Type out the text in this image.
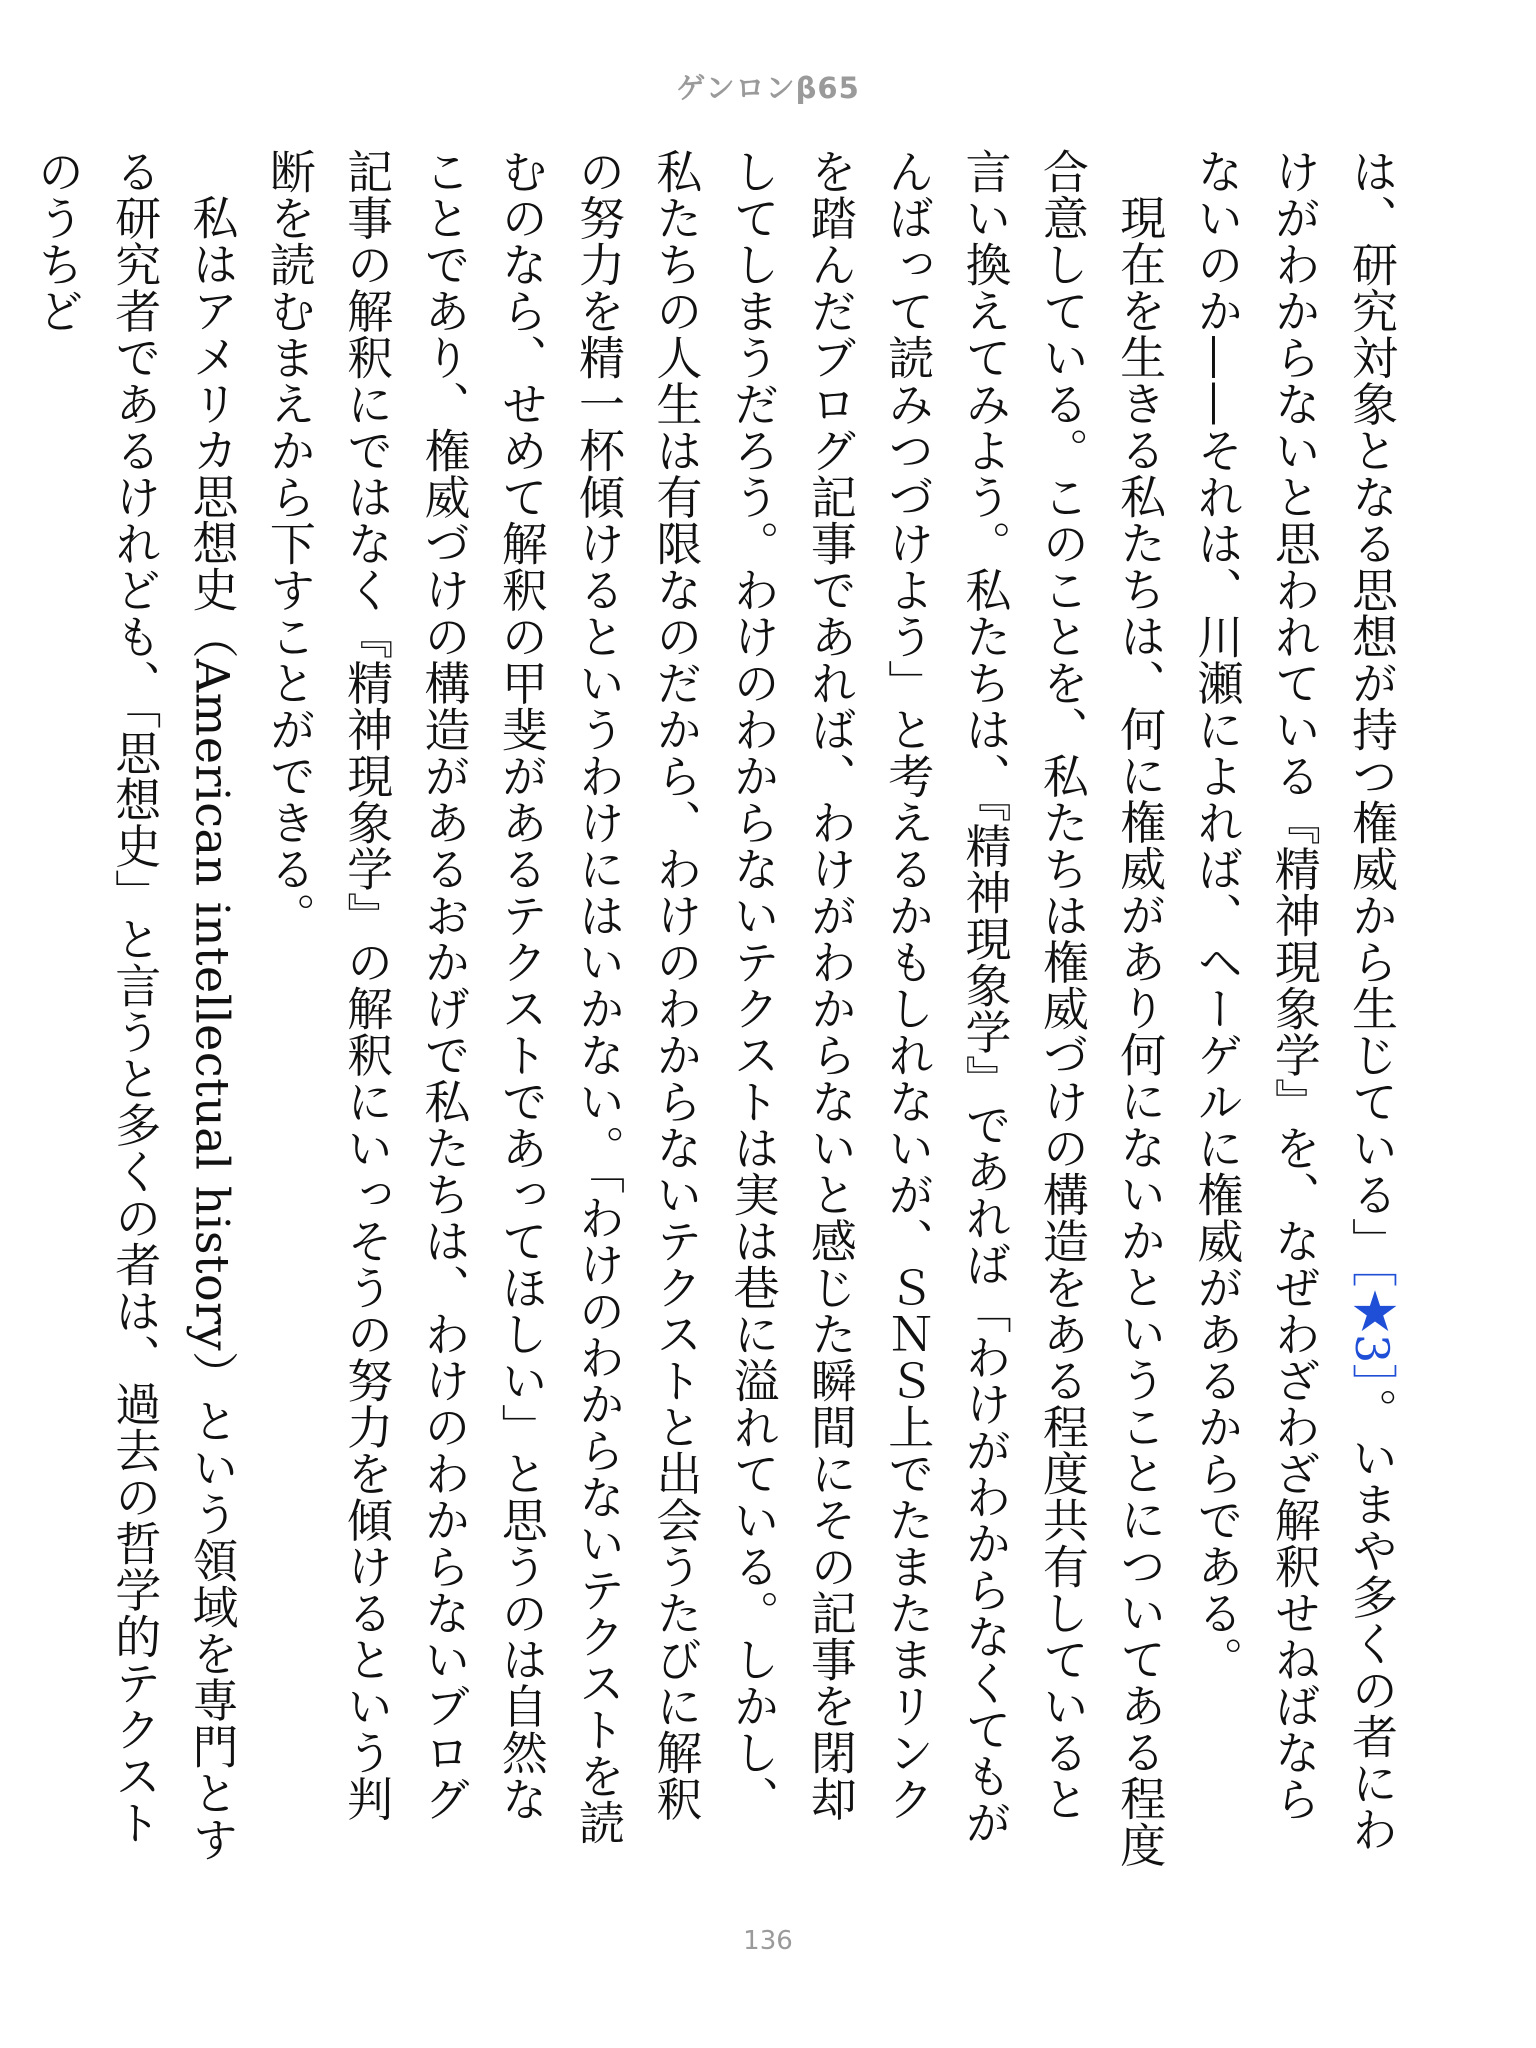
ゲンロンβ65

は、研究対象となる思想が持つ権威から生じている」［★3］。いまや多くの者にわけがわからないと思われている『精神現象学』を、なぜわざわざ解釈せねばならないのか——それは、川瀬によれば、ヘーゲルに権威があるからである。

現在を生きる私たちは、何に権威があり何にないかということについてある程度合意している。このことを、私たちは権威づけの構造をある程度共有していると言い換えてみよう。私たちは、『精神現象学』であれば「わけがわからなくてもがんばって読みつづけよう」と考えるかもしれないが、ＳＮＳ上でたまたまリンクを踏んだブログ記事であれば、わけがわからないと感じた瞬間にその記事を閉却してしまうだろう。わけのわからないテクストは実は巷に溢れている。しかし、私たちの人生は有限なのだから、わけのわからないテクストと出会うたびに解釈の努力を精一杯傾けるというわけにはいかない。「わけのわからないテクストを読むのなら、せめて解釈の甲斐があるテクストであってほしい」と思うのは自然なことであり、権威づけの構造があるおかげで私たちは、わけのわからないブログ記事の解釈にではなく『精神現象学』の解釈にいっそうの努力を傾けるという判断を読むまえから下すことができる。

私はアメリカ思想史（American intellectual history）という領域を専門とする研究者であるけれども、「思想史」と言うと多くの者は、過去の哲学的テクストのうちど

136
